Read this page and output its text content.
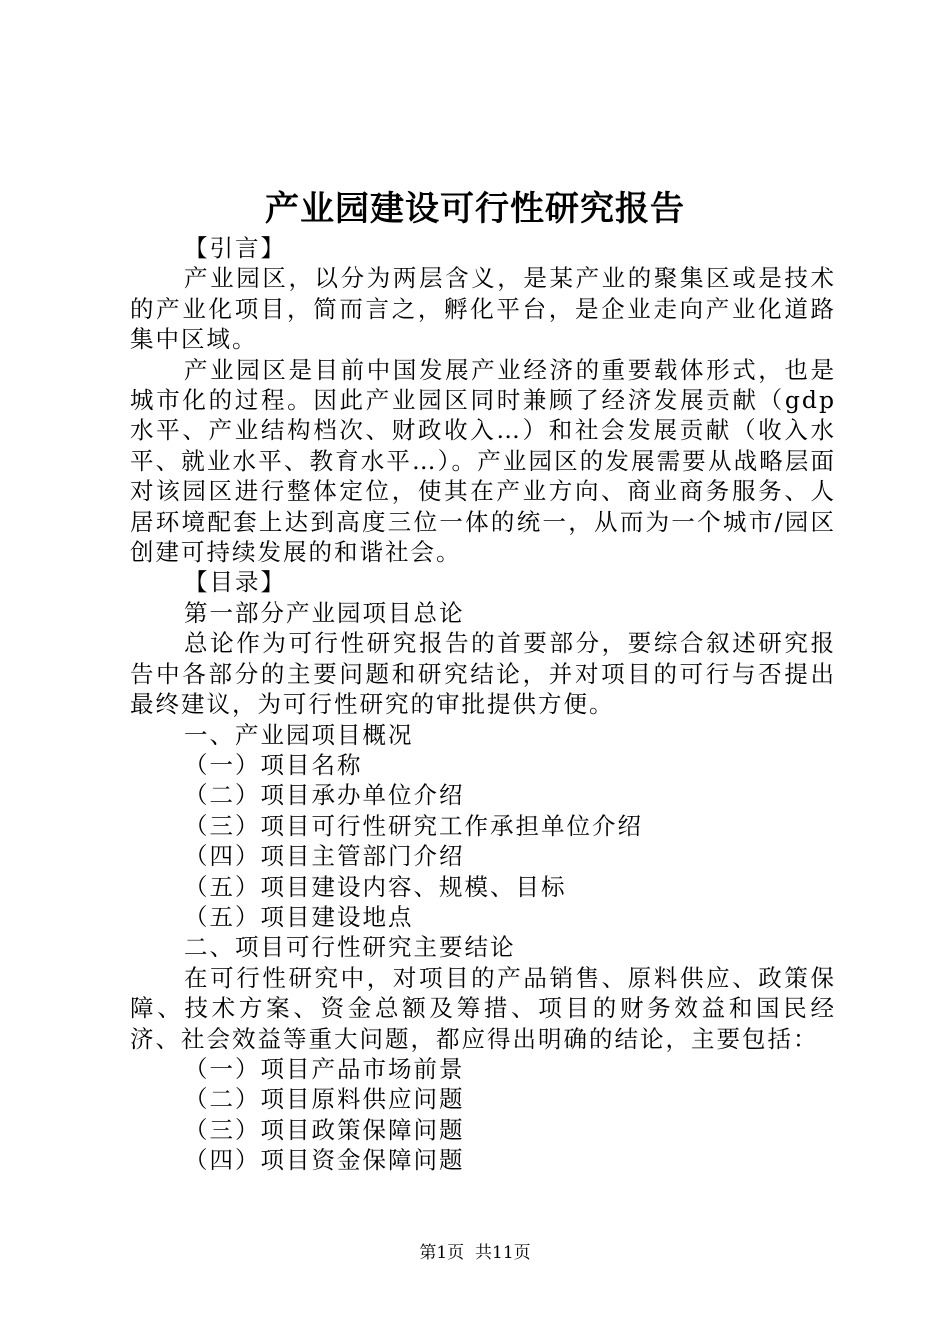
产业园建设可行性研究报告

【引言】

产业园区，以分为两层含义，是某产业的聚集区或是技术的产业化项目，简而言之，孵化平台，是企业走向产业化道路集中区域。

产业园区是目前中国发展产业经济的重要载体形式，也是城市化的过程。因此产业园区同时兼顾了经济发展贡献（gdp水平、产业结构档次、财政收入…）和社会发展贡献（收入水平、就业水平、教育水平…）。产业园区的发展需要从战略层面对该园区进行整体定位，使其在产业方向、商业商务服务、人居环境配套上达到高度三位一体的统一，从而为一个城市/园区创建可持续发展的和谐社会。

【目录】

第一部分产业园项目总论

总论作为可行性研究报告的首要部分，要综合叙述研究报告中各部分的主要问题和研究结论，并对项目的可行与否提出最终建议，为可行性研究的审批提供方便。

一、产业园项目概况

（一）项目名称

（二）项目承办单位介绍

（三）项目可行性研究工作承担单位介绍

（四）项目主管部门介绍

（五）项目建设内容、规模、目标

（五）项目建设地点

二、项目可行性研究主要结论

在可行性研究中，对项目的产品销售、原料供应、政策保障、技术方案、资金总额及筹措、项目的财务效益和国民经济、社会效益等重大问题，都应得出明确的结论，主要包括：

（一）项目产品市场前景

（二）项目原料供应问题

（三）项目政策保障问题

（四）项目资金保障问题

第1页 共11页
